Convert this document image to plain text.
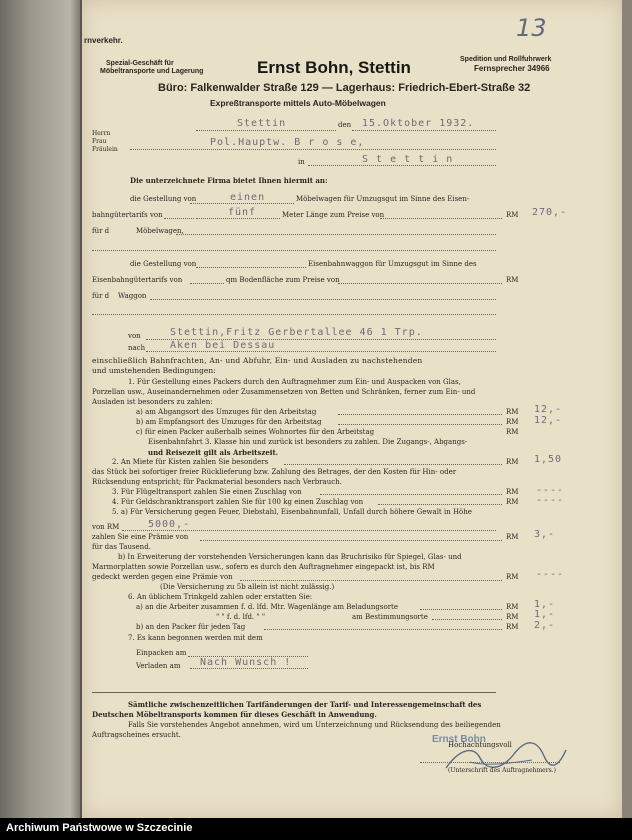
rnverkehr.
Spezial-Geschäft für
Möbeltransporte und Lagerung	Ernst Bohn, Stettin	Spedition und Rollfuhrwerk
Fernsprecher 34966
Büro: Falkenwalder Straße 129 — Lagerhaus: Friedrich-Ebert-Straße 32
Expreßtransporte mittels Auto-Möbelwagen
13
Stettin	den 15.Oktober 1932.
Herrn
Frau
Fräulein
Pol.Hauptw. B r o s e,
in	S t e t t i n
Die unterzeichnete Firma bietet Ihnen hiermit an:
die Gestellung von	einen	Möbelwagen für Umzugsgut im Sinne des Eisen-
bahngütertarifs von	fünf	Meter Länge zum Preise von	RM 270,-
für d	Möbelwagen,
die Gestellung von	Eisenbahnwaggon für Umzugsgut im Sinne des
Eisenbahngütertarifs von	qm Bodenfläche zum Preise von	RM
für d Waggon
von	Stettin,Fritz Gerbertallee 46 1 Trp.
nach Aken bei Dessau
einschließlich Bahnfrachten, An- und Abfuhr, Ein- und Ausladen zu nachstehenden
und umstehenden Bedingungen:
1. Für Gestellung eines Packers durch den Auftragnehmer zum Ein- und Auspacken von Glas,
Porzellan usw., Auseinandernehmen oder Zusammensetzen von Betten und Schränken, ferner zum Ein- und
Ausladen ist besonders zu zahlen:
a) am Abgangsort des Umzuges für den Arbeitstag	RM 12,-
b) am Empfangsort des Umzuges für den Arbeitstag	RM 12,-
c) für einen Packer außerhalb seines Wohnortes für den Arbeitstag	RM
Eisenbahnfahrt 3. Klasse hin und zurück ist besonders zu zahlen. Die Zugangs-, Abgangs-
und Reisezeit gilt als Arbeitszeit.
2. An Miete für Kisten zahlen Sie besonders	RM 1,50
das Stück bei sofortiger freier Rücklieferung bzw. Zahlung des Betrages, der den Kosten für Hin- oder
Rücksendung entspricht; für Packmaterial besonders nach Verbrauch.
3. Für Flügeltransport zahlen Sie einen Zuschlag von	RM ----
4. Für Geldschranktransport zahlen Sie für 100 kg einen Zuschlag von	RM ----
5. a) Für Versicherung gegen Feuer, Diebstahl, Eisenbahnunfall, Unfall durch höhere Gewalt in Höhe
von RM	5000,-
zahlen Sie eine Prämie von	RM 3,-
für das Tausend.
b) In Erweiterung der vorstehenden Versicherungen kann das Bruchrisiko für Spiegel, Glas- und
Marmorplatten sowie Porzellan usw., sofern es durch den Auftragnehmer eingepackt ist, bis RM
gedeckt werden gegen eine Prämie von	RM ----
(Die Versicherung zu 5b allein ist nicht zulässig.)
6. An üblichem Trinkgeld zahlen oder erstatten Sie:
a) an die Arbeiter zusammen f. d. lfd. Mtr. Wagenlänge am Beladungsorte	RM 1,-
" " f. d. lfd. " "	am Bestimmungsorte	RM 1,-
b) an den Packer für jeden Tag	RM 2,-
7. Es kann begonnen werden mit dem
Einpacken am
Verladen am Nach Wunsch !
Sämtliche zwischenzeitlichen Tarifänderungen der Tarif- und Interessengemeinschaft des
Deutschen Möbeltransports kommen für dieses Geschäft in Anwendung.
Falls Sie vorstehendes Angebot annehmen, wird um Unterzeichnung und Rücksendung des beiliegenden
Auftragscheines ersucht.	Ernst Bohn
Hochachtungsvoll
(Unterschrift des Auftragnehmers.)
Archiwum Państwowe w Szczecinie
